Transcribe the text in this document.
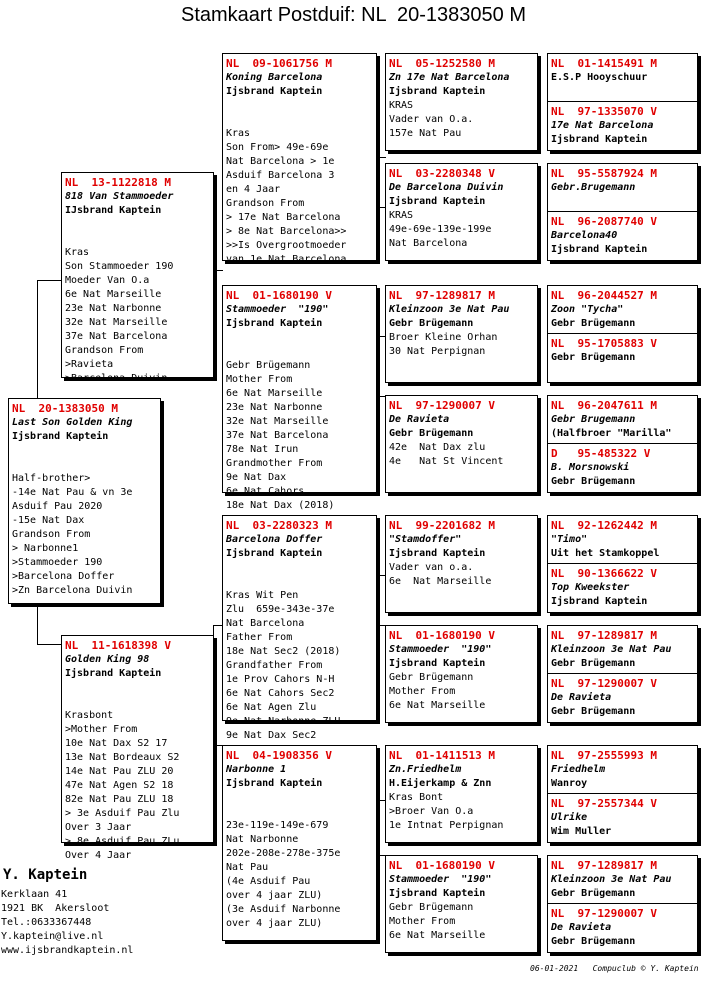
Stamkaart Postduif: NL  20-1383050 M
NL  20-1383050 M
Last Son Golden King
Ijsbrand Kaptein

Half-brother>
-14e Nat Pau & vn 3e
Asduif Pau 2020
-15e Nat Dax
Grandson From
> Narbonne1
>Stammoeder 190
>Barcelona Doffer
>Zn Barcelona Duivin

NL  13-1122818 M
818 Van Stammoeder
IJsbrand Kaptein

Kras
Son Stammoeder 190
Moeder Van O.a
6e Nat Marseille
23e Nat Narbonne
32e Nat Marseille
37e Nat Barcelona
Grandson From
>Ravieta
>Barcelona Duivin

NL  11-1618398 V
Golden King 98
Ijsbrand Kaptein

Krasbont
>Mother From
10e Nat Dax S2 17
13e Nat Bordeaux S2
14e Nat Pau ZLU 20
47e Nat Agen S2 18
82e Nat Pau ZLU 18
> 3e Asduif Pau Zlu
Over 3 Jaar
> 8e Asduif Pau ZLu
Over 4 Jaar

NL  09-1061756 M
Koning Barcelona
Ijsbrand Kaptein

Kras
Son From> 49e-69e
Nat Barcelona > 1e
Asduif Barcelona 3
en 4 Jaar
Grandson From
> 17e Nat Barcelona
> 8e Nat Barcelona>>
>>Is Overgrootmoeder
van 1e Nat Barcelona

NL  01-1680190 V
Stammoeder  "190"
Ijsbrand Kaptein

Gebr Brügemann
Mother From
6e Nat Marseille
23e Nat Narbonne
32e Nat Marseille
37e Nat Barcelona
78e Nat Irun
Grandmother From
9e Nat Dax
6e Nat Cahors
18e Nat Dax (2018)

NL  03-2280323 M
Barcelona Doffer
Ijsbrand Kaptein

Kras Wit Pen
Zlu  659e-343e-37e
Nat Barcelona
Father From
18e Nat Sec2 (2018)
Grandfather From
1e Prov Cahors N-H
6e Nat Cahors Sec2
6e Nat Agen Zlu
9e Nat Narbonne ZLU
9e Nat Dax Sec2

NL  04-1908356 V
Narbonne 1
Ijsbrand Kaptein

23e-119e-149e-679
Nat Narbonne
202e-208e-278e-375e
Nat Pau
(4e Asduif Pau
over 4 jaar ZLU)
(3e Asduif Narbonne
over 4 jaar ZLU)

NL  05-1252580 M
Zn 17e Nat Barcelona
Ijsbrand Kaptein
KRAS
Vader van O.a.
157e Nat Pau
NL  03-2280348 V
De Barcelona Duivin
Ijsbrand Kaptein
KRAS
49e-69e-139e-199e
Nat Barcelona
NL  97-1289817 M
Kleinzoon 3e Nat Pau
Gebr Brügemann
Broer Kleine Orhan
30 Nat Perpignan
NL  97-1290007 V
De Ravieta
Gebr Brügemann
42e  Nat Dax zlu
4e   Nat St Vincent
NL  99-2201682 M
"Stamdoffer"
Ijsbrand Kaptein
Vader van o.a.
6e  Nat Marseille
NL  01-1680190 V
Stammoeder  "190"
Ijsbrand Kaptein
Gebr Brügemann
Mother From
6e Nat Marseille
NL  01-1411513 M
Zn.Friedhelm
H.Eijerkamp & Znn
Kras Bont
>Broer Van O.a
1e Intnat Perpignan
NL  01-1680190 V
Stammoeder  "190"
Ijsbrand Kaptein
Gebr Brügemann
Mother From
6e Nat Marseille
NL  01-1415491 M
E.S.P Hooyschuur
NL  97-1335070 V
17e Nat Barcelona
Ijsbrand Kaptein
NL  95-5587924 M
Gebr.Brugemann
NL  96-2087740 V
Barcelona40
Ijsbrand Kaptein
NL  96-2044527 M
Zoon "Tycha"
Gebr Brügemann
NL  95-1705883 V
Gebr Brügemann
NL  96-2047611 M
Gebr Brugemann
(Halfbroer "Marilla"
D   95-485322 V
B. Morsnowski
Gebr Brügemann
NL  92-1262442 M
"Timo"
Uit het Stamkoppel
NL  90-1366622 V
Top Kweekster
Ijsbrand Kaptein
NL  97-1289817 M
Kleinzoon 3e Nat Pau
Gebr Brügemann
NL  97-1290007 V
De Ravieta
Gebr Brügemann
NL  97-2555993 M
Friedhelm
Wanroy
NL  97-2557344 V
Ulrike
Wim Muller
NL  97-1289817 M
Kleinzoon 3e Nat Pau
Gebr Brügemann
NL  97-1290007 V
De Ravieta
Gebr Brügemann
Y. Kaptein
Kerklaan 41
1921 BK  Akersloot
Tel.:0633367448
Y.kaptein@live.nl
www.ijsbrandkaptein.nl
06-01-2021   Compuclub © Y. Kaptein
